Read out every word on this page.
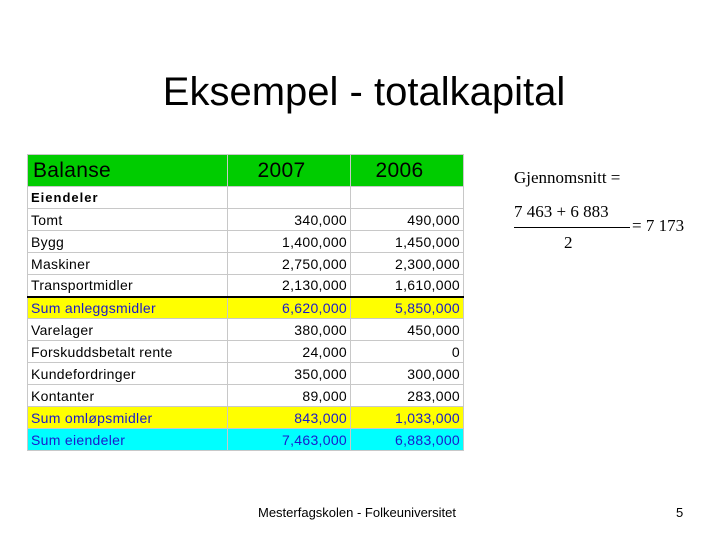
Eksempel - totalkapital
Balanse	2007	2006
Eiendeler		
Tomt	340,000	490,000
Bygg	1,400,000	1,450,000
Maskiner	2,750,000	2,300,000
Transportmidler	2,130,000	1,610,000
Sum anleggsmidler	6,620,000	5,850,000
Varelager	380,000	450,000
Forskuddsbetalt rente	24,000	0
Kundefordringer	350,000	300,000
Kontanter	89,000	283,000
Sum omløpsmidler	843,000	1,033,000
Sum eiendeler	7,463,000	6,883,000
Gjennomsnitt =
7 463 + 6 883
= 7 173
2
Mesterfagskolen - Folkeuniversitet	5
